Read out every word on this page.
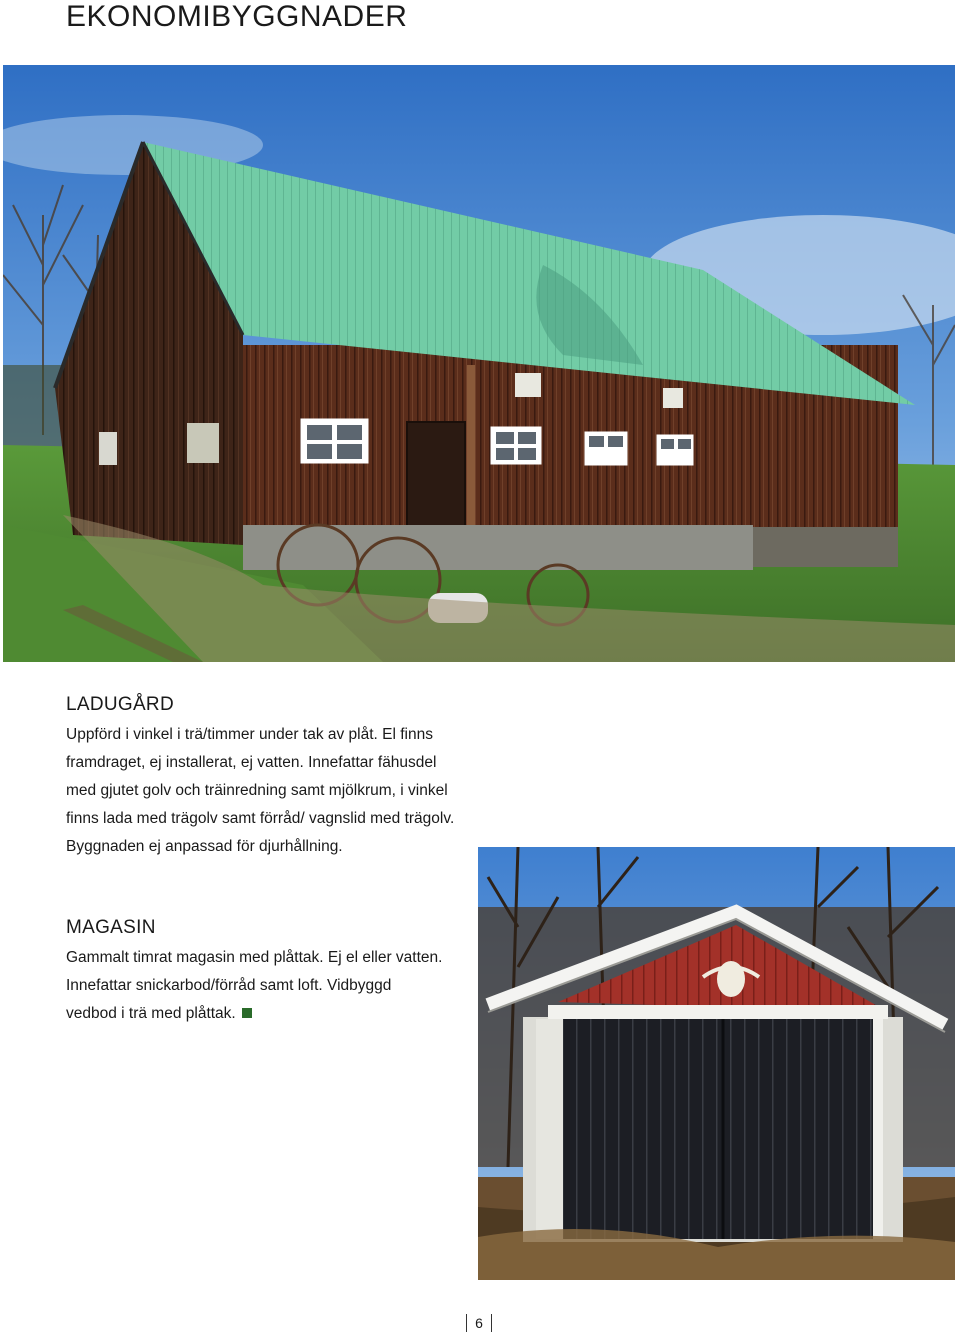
EKONOMIBYGGNADER
LADUGÅRD

Uppförd i vinkel i trä/timmer under tak av plåt. El finns framdraget, ej installerat, ej vatten. Innefattar fähusdel med gjutet golv och träinredning samt mjölkrum, i vinkel finns lada med trägolv samt förråd/ vagnslid med trägolv. Byggnaden ej anpassad för djurhållning.

MAGASIN

Gammalt timrat magasin med plåttak. Ej el eller vatten. Innefattar snickarbod/förråd samt loft. Vidbyggd vedbod i trä med plåttak.

6
